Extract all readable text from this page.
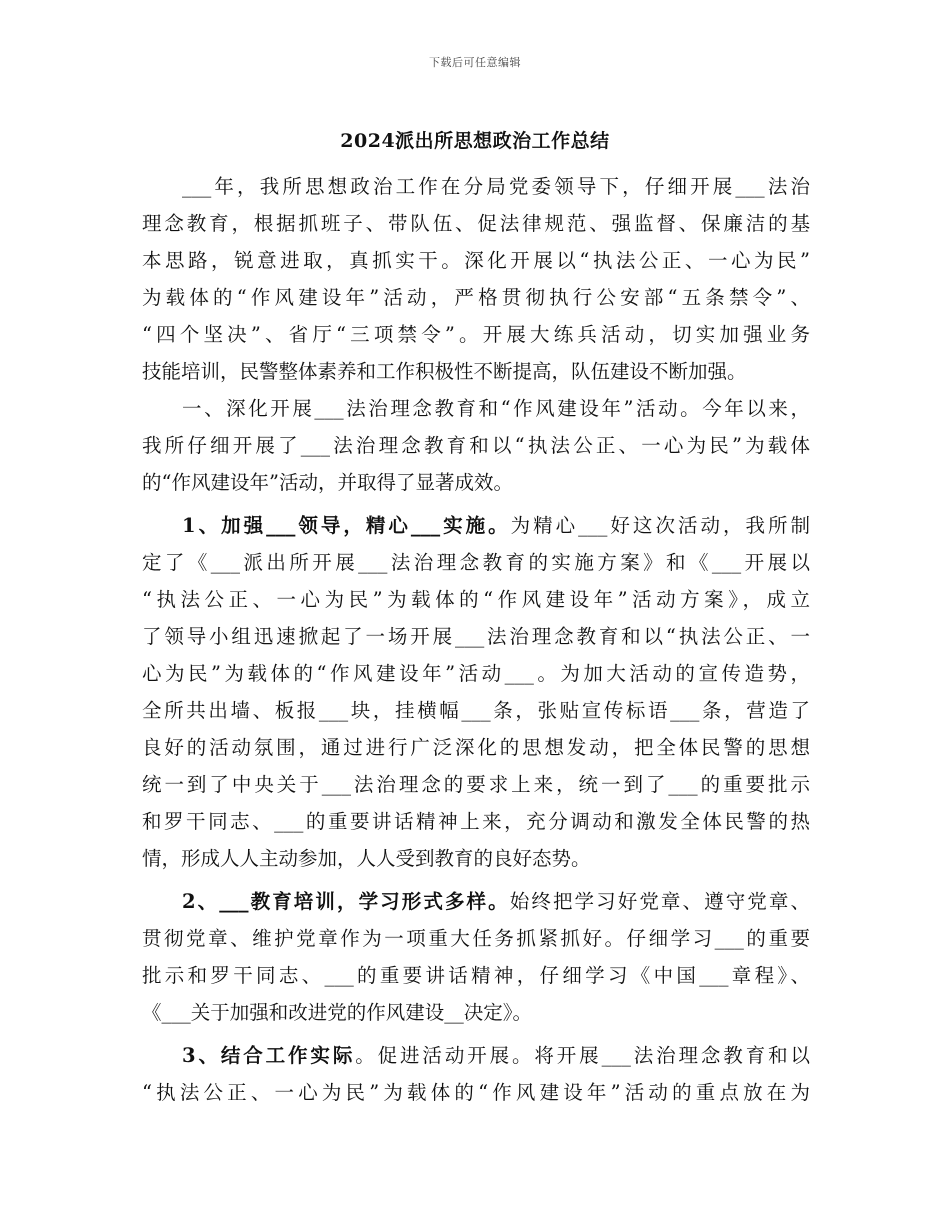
下载后可任意编辑
2024派出所思想政治工作总结
___年，我所思想政治工作在分局党委领导下，仔细开展___法治
理念教育，根据抓班子、带队伍、促法律规范、强监督、保廉洁的基
本思路，锐意进取，真抓实干。深化开展以“执法公正、一心为民”
为载体的“作风建设年”活动，严格贯彻执行公安部“五条禁令”、
“四个坚决”、省厅“三项禁令”。开展大练兵活动，切实加强业务
技能培训，民警整体素养和工作积极性不断提高，队伍建设不断加强。
一、深化开展___法治理念教育和“作风建设年”活动。今年以来，
我所仔细开展了___法治理念教育和以“执法公正、一心为民”为载体
的“作风建设年”活动，并取得了显著成效。
1、加强___领导，精心___实施。为精心___好这次活动，我所制
定了《___派出所开展___法治理念教育的实施方案》和《___开展以
“执法公正、一心为民”为载体的“作风建设年”活动方案》，成立
了领导小组迅速掀起了一场开展___法治理念教育和以“执法公正、一
心为民”为载体的“作风建设年”活动___。为加大活动的宣传造势，
全所共出墙、板报___块，挂横幅___条，张贴宣传标语___条，营造了
良好的活动氛围，通过进行广泛深化的思想发动，把全体民警的思想
统一到了中央关于___法治理念的要求上来，统一到了___的重要批示
和罗干同志、___的重要讲话精神上来，充分调动和激发全体民警的热
情，形成人人主动参加，人人受到教育的良好态势。
2、___教育培训，学习形式多样。始终把学习好党章、遵守党章、
贯彻党章、维护党章作为一项重大任务抓紧抓好。仔细学习___的重要
批示和罗干同志、___的重要讲话精神，仔细学习《中国___章程》、
《___关于加强和改进党的作风建设__决定》。
3、结合工作实际。促进活动开展。将开展___法治理念教育和以
“执法公正、一心为民”为载体的“作风建设年”活动的重点放在为
